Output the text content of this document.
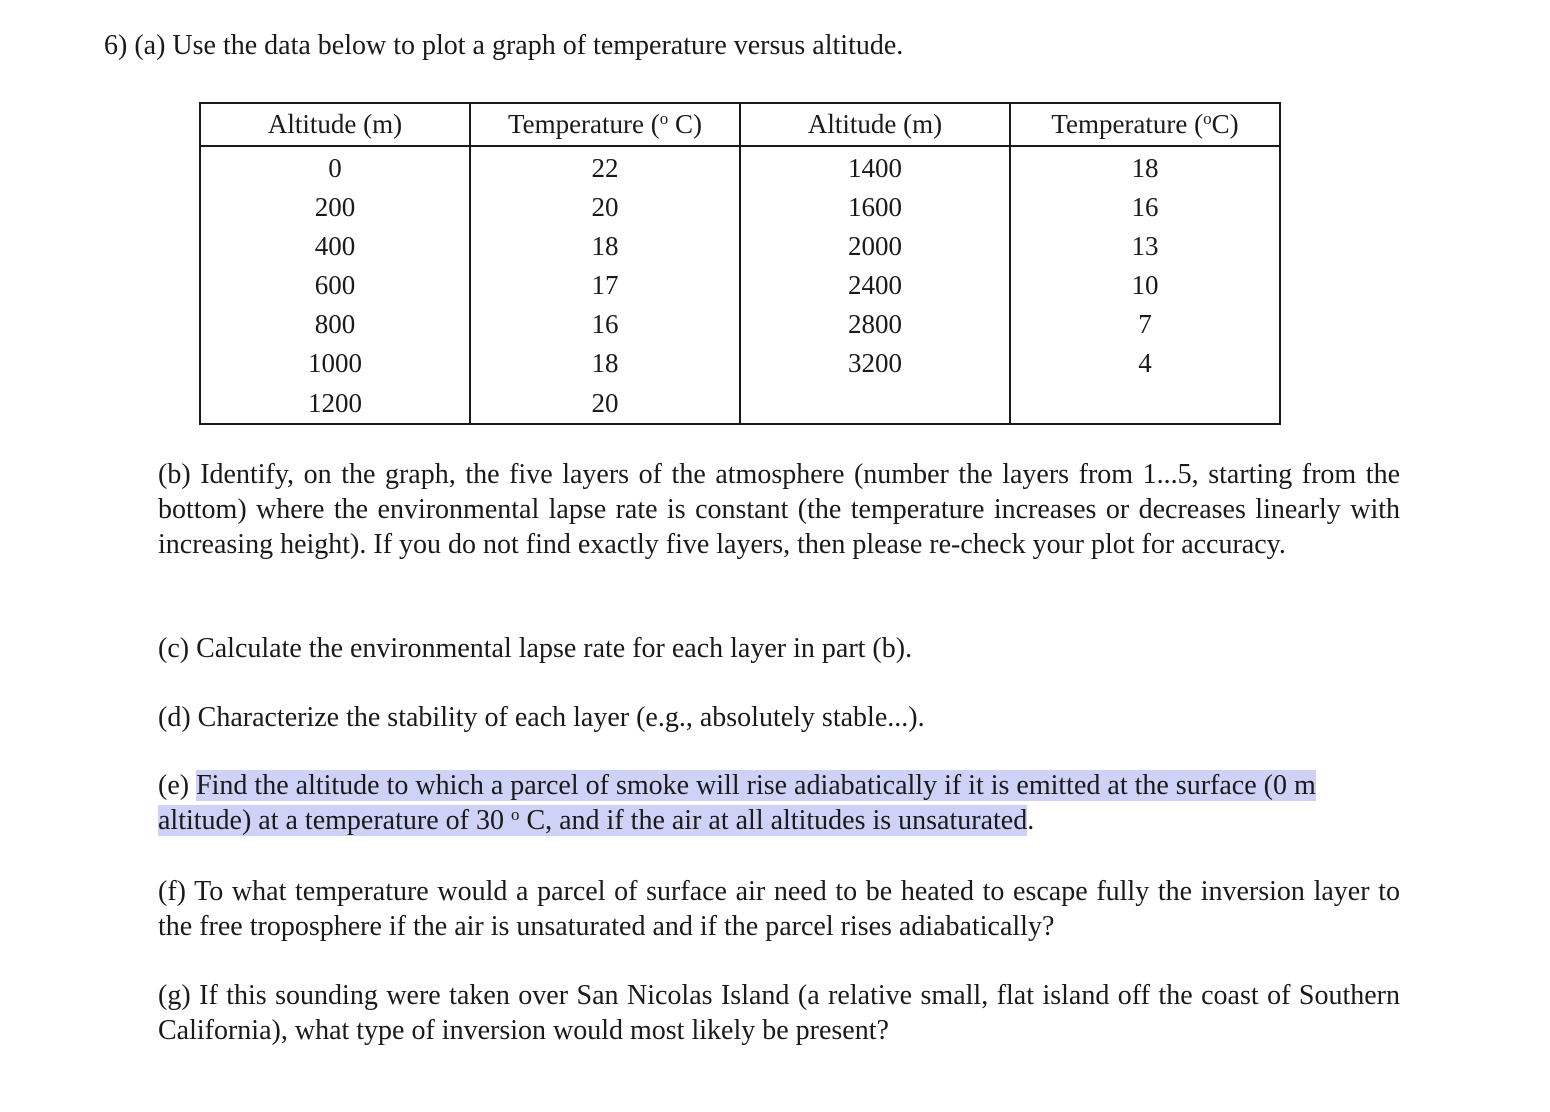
6) (a) Use the data below to plot a graph of temperature versus altitude.
Altitude (m)	Temperature ($^o$ C)	Altitude (m)	Temperature ($^o$C)
0	22	1400	18
200	20	1600	16
400	18	2000	13
600	17	2400	10
800	16	2800	7
1000	18	3200	4
1200	20		
(b) Identify, on the graph, the five layers of the atmosphere (number the layers from 1...5, starting from the bottom) where the environmental lapse rate is constant (the temperature increases or decreases linearly with increasing height). If you do not find exactly five layers, then please re-check your plot for accuracy.
(c) Calculate the environmental lapse rate for each layer in part (b).
(d) Characterize the stability of each layer (e.g., absolutely stable...).
(e) Find the altitude to which a parcel of smoke will rise adiabatically if it is emitted at the surface (0 m
altitude) at a temperature of 30 $^o$ C, and if the air at all altitudes is unsaturated.
(f) To what temperature would a parcel of surface air need to be heated to escape fully the inversion layer to the free troposphere if the air is unsaturated and if the parcel rises adiabatically?
(g) If this sounding were taken over San Nicolas Island (a relative small, flat island off the coast of Southern California), what type of inversion would most likely be present?
